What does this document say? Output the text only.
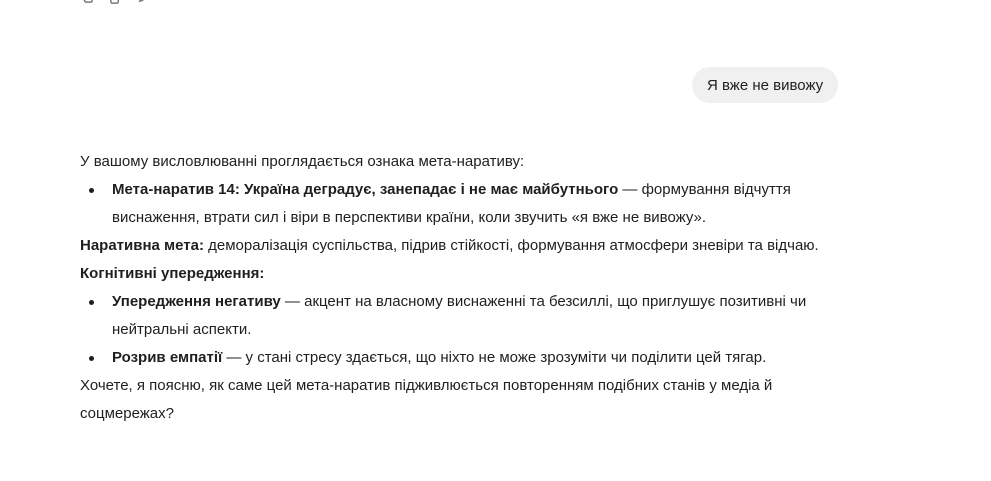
Я вже не вивожу

У вашому висловлюванні проглядається ознака мета-наративу:

Мета-наратив 14: Україна деградує, занепадає і не має майбутнього — формування відчуття виснаження, втрати сил і віри в перспективи країни, коли звучить «я вже не вивожу».

Наративна мета: деморалізація суспільства, підрив стійкості, формування атмосфери зневіри та відчаю.

Когнітивні упередження:

Упередження негативу — акцент на власному виснаженні та безсиллі, що приглушує позитивні чи нейтральні аспекти.
Розрив емпатії — у стані стресу здається, що ніхто не може зрозуміти чи поділити цей тягар.

Хочете, я поясню, як саме цей мета-наратив підживлюється повторенням подібних станів у медіа й соцмережах?
